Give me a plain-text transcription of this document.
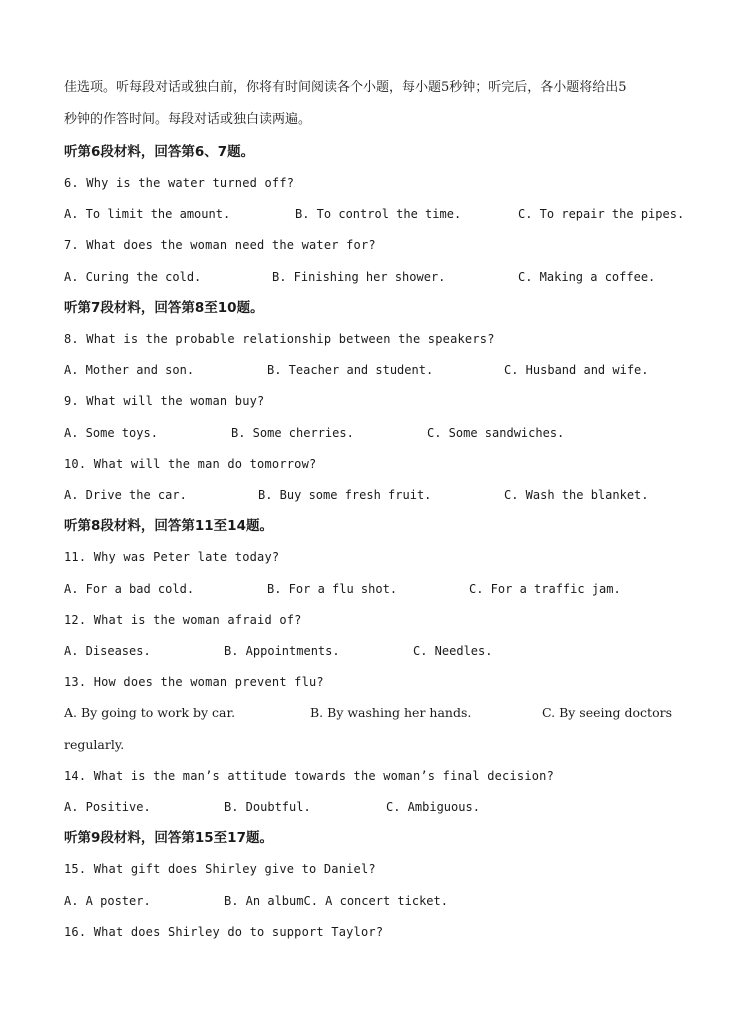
佳选项。听每段对话或独白前，你将有时间阅读各个小题，每小题5秒钟；听完后，各小题将给出5
秒钟的作答时间。每段对话或独白读两遍。
听第6段材料，回答第6、7题。
6. Why is the water turned off?
A. To limit the amount.	B. To control the time.	C. To repair the pipes.
7. What does the woman need the water for?
A. Curing the cold.	B. Finishing her shower.	C. Making a coffee.
听第7段材料，回答第8至10题。
8. What is the probable relationship between the speakers?
A. Mother and son.	B. Teacher and student.	C. Husband and wife.
9. What will the woman buy?
A. Some toys.	B. Some cherries.	C. Some sandwiches.
10. What will the man do tomorrow?
A. Drive the car.	B. Buy some fresh fruit.	C. Wash the blanket.
听第8段材料，回答第11至14题。
11. Why was Peter late today?
A. For a bad cold.	B. For a flu shot.	C. For a traffic jam.
12. What is the woman afraid of?
A. Diseases.	B. Appointments.	C. Needles.
13. How does the woman prevent flu?
A. By going to work by car.	B. By washing her hands.	C. By seeing doctors
regularly.
14. What is the man’s attitude towards the woman’s final decision?
A. Positive.	B. Doubtful.	C. Ambiguous.
听第9段材料，回答第15至17题。
15. What gift does Shirley give to Daniel?
A. A poster.	B. An albumC. A concert ticket.
16. What does Shirley do to support Taylor?
